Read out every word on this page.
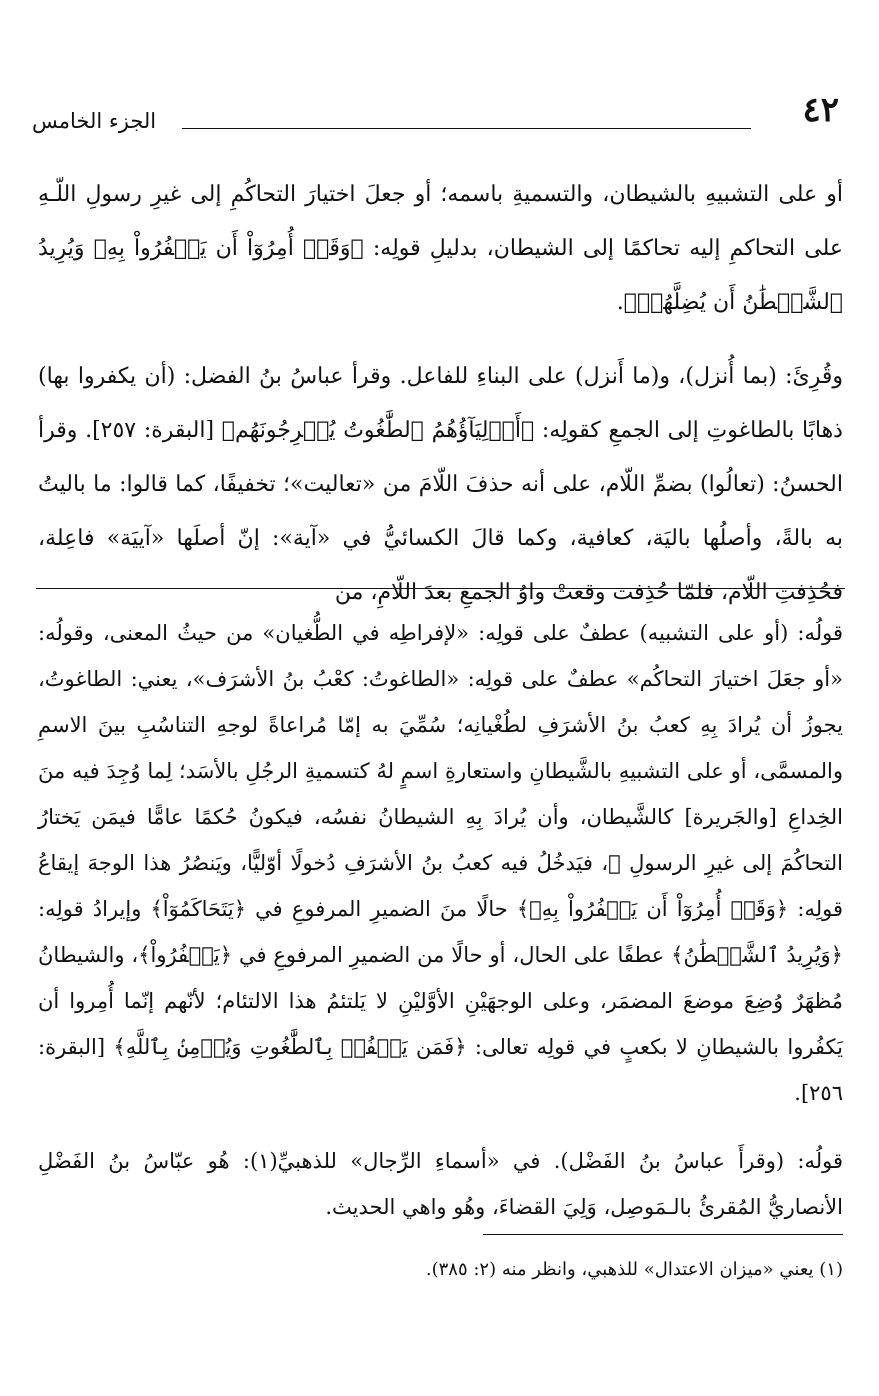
٤٢
الجزء الخامس

أو على التشبيهِ بالشيطان، والتسميةِ باسمه؛ أو جعلَ اختيارَ التحاكُمِ إلى غيرِ رسولِ اللّـهِ على التحاكمِ إليه تحاكمًا إلى الشيطان، بدليلِ قولِه: ﴿وَقَدۡ أُمِرُوٓاْ أَن يَكۡفُرُواْ بِهِۦ وَيُرِيدُ ٱلشَّيۡطَٰنُ أَن يُضِلَّهُمۡ﴾.

وقُرِئَ: (بما أُنزل)، و(ما أَنزل) على البناءِ للفاعل. وقرأ عباسُ بنُ الفضل: (أن يكفروا بها) ذهابًا بالطاغوتِ إلى الجمعِ كقولِه: ﴿أَوۡلِيَآؤُهُمُ ٱلطَّٰغُوتُ يُخۡرِجُونَهُم﴾ [البقرة: ٢٥٧]. وقرأ الحسنُ: (تعالُوا) بضمِّ اللّام، على أنه حذفَ اللّامَ من «تعاليت»؛ تخفيفًا، كما قالوا: ما باليتُ به بالةً، وأصلُها باليَة، كعافية، وكما قالَ الكسائيُّ في «آية»: إنّ أصلَها «آييَة» فاعِلة، فحُذِفتِ اللّام، فلمّا حُذِفت وقعتْ واوُ الجمعِ بعدَ اللّامِ، من

قولُه: (أو على التشبيه) عطفٌ على قولِه: «لإفراطِه في الطُّغيان» من حيثُ المعنى، وقولُه: «أو جعَلَ اختيارَ التحاكُم» عطفٌ على قولِه: «الطاغوتُ: كعْبُ بنُ الأشرَف»، يعني: الطاغوتُ، يجوزُ أن يُرادَ بِهِ كعبُ بنُ الأشرَفِ لطُغْيانِه؛ سُمِّيَ به إمّا مُراعاةً لوجهِ التناسُبِ بينَ الاسمِ والمسمَّى، أو على التشبيهِ بالشَّيطانِ واستعارةِ اسمٍ لهُ كتسميةِ الرجُلِ بالأسَد؛ لِما وُجِدَ فيه منَ الخِداعِ [والجَريرة] كالشَّيطان، وأن يُرادَ بِهِ الشيطانُ نفسُه، فيكونُ حُكمًا عامًّا فيمَن يَختارُ التحاكُمَ إلى غيرِ الرسولِ ﷺ، فيَدخُلُ فيه كعبُ بنُ الأشرَفِ دُخولًا أوّليًّا، ويَنصُرُ هذا الوجهَ إيقاعُ قولِه: ﴿وَقَدۡ أُمِرُوٓاْ أَن يَكۡفُرُواْ بِهِۦ﴾ حالًا منَ الضميرِ المرفوعِ في ﴿يَتَحَاكَمُوٓاْ﴾ وإيرادُ قولِه: ﴿وَيُرِيدُ ٱلشَّيۡطَٰنُ﴾ عطفًا على الحال، أو حالًا من الضميرِ المرفوعِ في ﴿يَكۡفُرُواْ﴾، والشيطانُ مُظهَرٌ وُضِعَ موضعَ المضمَر، وعلى الوجهَيْنِ الأوَّليْنِ لا يَلتئمُ هذا الالتئام؛ لأنّهم إنّما أُمِروا أن يَكفُروا بالشيطانِ لا بكعبٍ في قولِه تعالى: ﴿فَمَن يَكۡفُرۡ بِٱلطَّٰغُوتِ وَيُؤۡمِنۢ بِٱللَّهِ﴾ [البقرة: ٢٥٦].

قولُه: (وقرأَ عباسُ بنُ الفَضْل). في «أسماءِ الرِّجال» للذهبيِّ(١): هُو عبّاسُ بنُ الفَضْلِ الأنصاريُّ المُقرئُ بالـمَوصِل، وَلِيَ القضاءَ، وهُو واهي الحديث.

(١) يعني «ميزان الاعتدال» للذهبي، وانظر منه (٢: ٣٨٥).
